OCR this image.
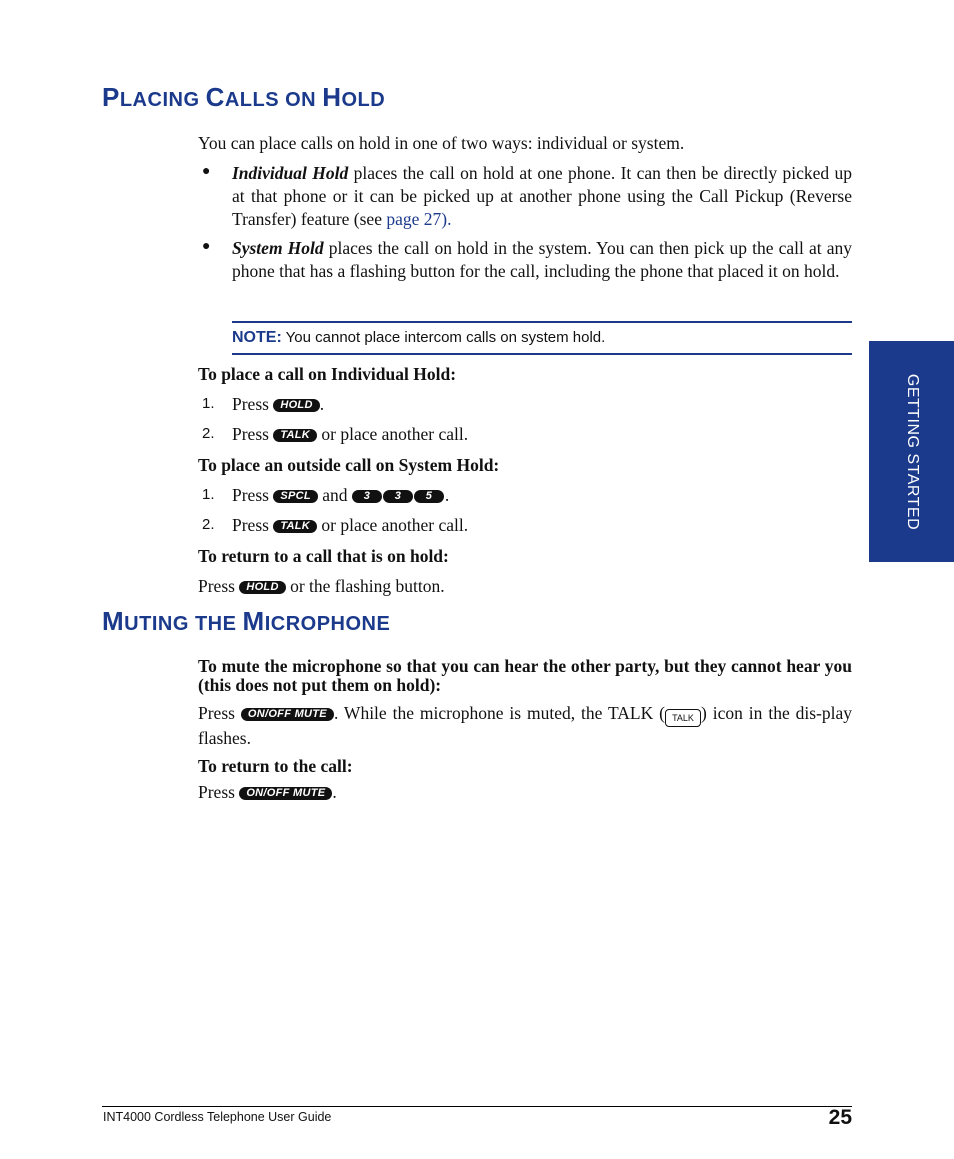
PLACING CALLS ON HOLD
You can place calls on hold in one of two ways: individual or system.
● Individual Hold places the call on hold at one phone. It can then be directly picked up at that phone or it can be picked up at another phone using the Call Pickup (Reverse Transfer) feature (see page 27).
● System Hold places the call on hold in the system. You can then pick up the call at any phone that has a flashing button for the call, including the phone that placed it on hold.
NOTE: You cannot place intercom calls on system hold.
To place a call on Individual Hold:
1. Press HOLD .
2. Press TALK or place another call.
To place an outside call on System Hold:
1. Press SPCL and 3 3 5 .
2. Press TALK or place another call.
To return to a call that is on hold:
Press HOLD or the flashing button.
MUTING THE MICROPHONE
To mute the microphone so that you can hear the other party, but they cannot hear you (this does not put them on hold):
Press ON/OFF MUTE . While the microphone is muted, the TALK ( TALK ) icon in the dis-play flashes.
To return to the call:
Press ON/OFF MUTE .
GETTING STARTED
INT4000 Cordless Telephone User Guide	25
